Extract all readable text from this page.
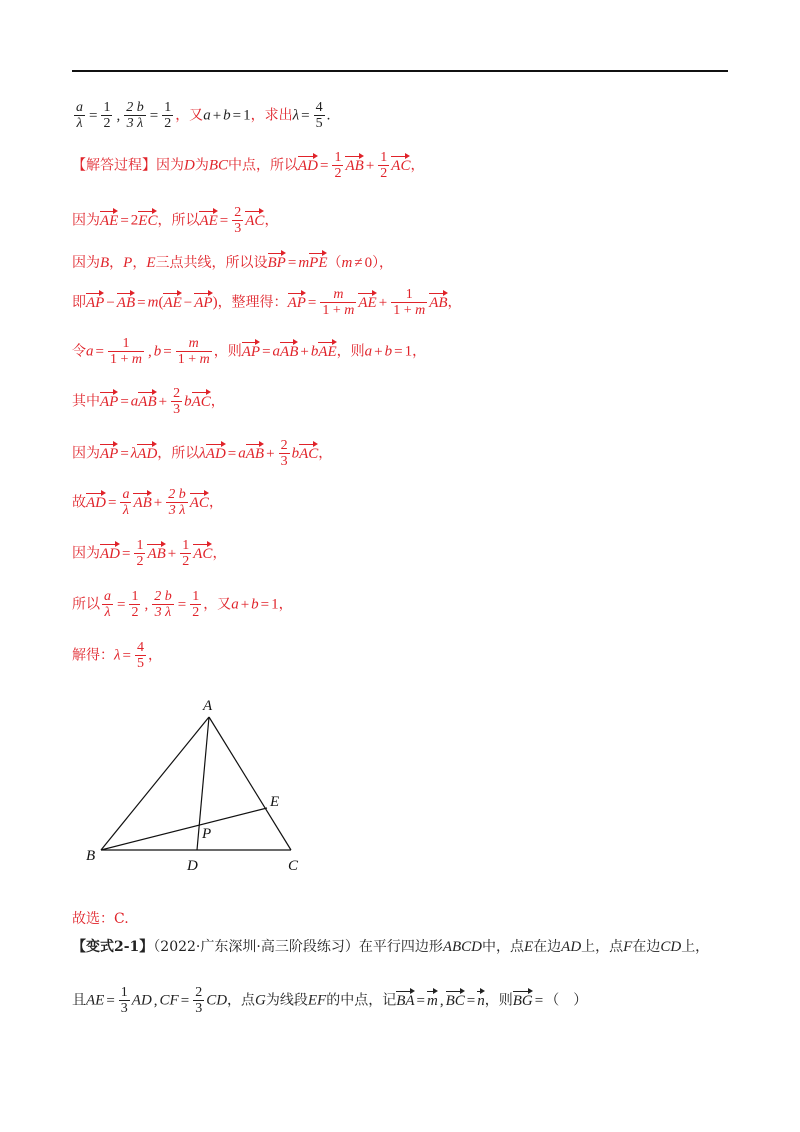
$\frac{a}{\lambda} = \frac{1}{2}$ , $\frac{2 b}{3 \lambda} = \frac{1}{2}$ ，又a + b = 1，求出$\lambda = \frac{4}{5}$ .
【解答过程】因为D为BC中点，所以AD = $\frac{1}{2}$ AB + $\frac{1}{2}$ AC，
因为AE = 2EC，所以AE = $\frac{2}{3}$ AC，
因为B，P，E三点共线，所以设BP = mPE（m ≠ 0），
即AP − AB = m(AE − AP)，整理得：AP = $\frac{m}{1 + m}$ AE + $\frac{1}{1 + m}$ AB，
令$a = \frac{1}{1 + m}$ , $b = \frac{m}{1 + m}$ ，则AP = aAB + bAE，则a + b = 1，
其中AP = aAB + $\frac{2}{3}$ bAC，
因为AP = λAD，所以λAD = aAB + $\frac{2}{3}$ bAC，
故AD = $\frac{a}{\lambda}$ AB + $\frac{2 b}{3 \lambda}$ AC，
因为AD = $\frac{1}{2}$ AB + $\frac{1}{2}$ AC，
所以 $\frac{a}{\lambda} = \frac{1}{2}$ , $\frac{2 b}{3 \lambda} = \frac{1}{2}$ ，又a + b = 1，
解得：$\lambda = \frac{4}{5}$ ，
A
B
C
D
E
P
故选：C.
【变式2-1】（2022·广东深圳·高三阶段练习）在平行四边形ABCD中，点E在边AD上，点F在边CD上，
且AE = $\frac{1}{3}$ AD , CF = $\frac{2}{3}$ CD，点G为线段EF的中点，记BA = m , BC = n，则BG = （　）
